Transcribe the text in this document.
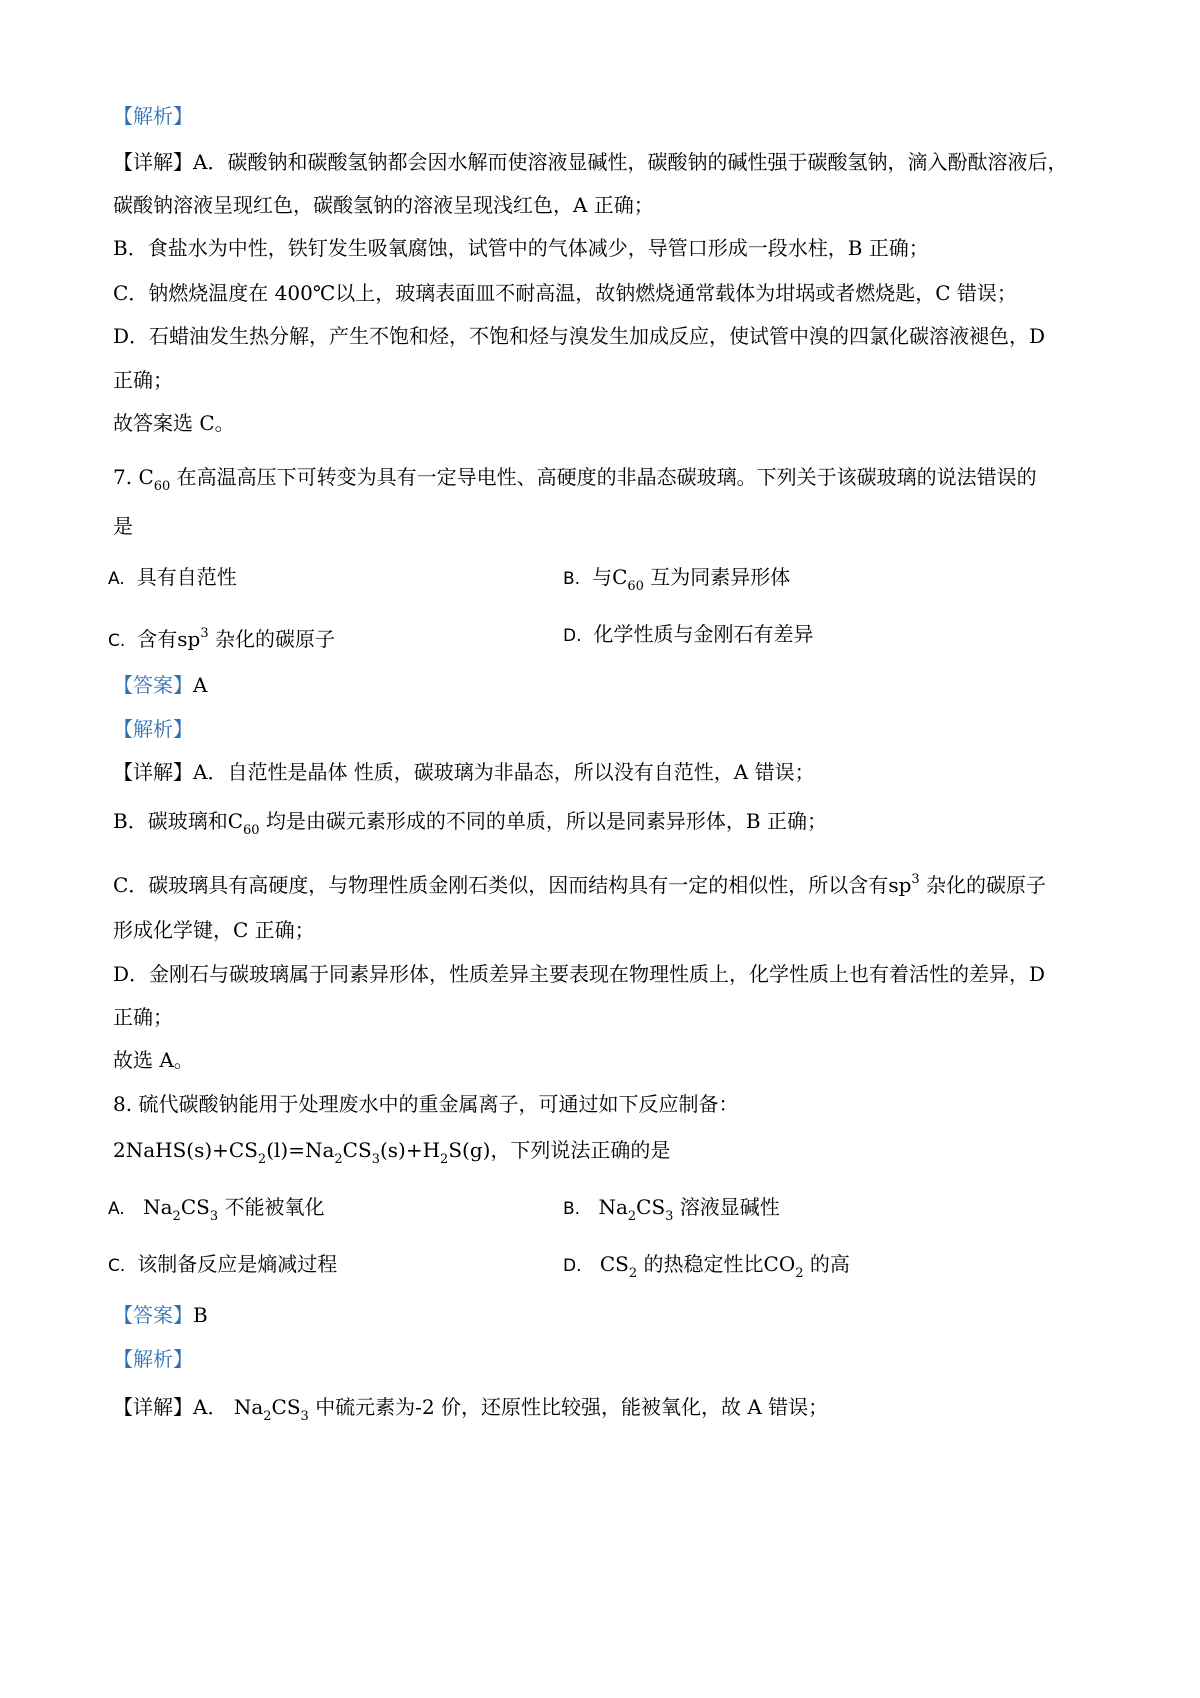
【解析】
【详解】A．碳酸钠和碳酸氢钠都会因水解而使溶液显碱性，碳酸钠的碱性强于碳酸氢钠，滴入酚酞溶液后，
碳酸钠溶液呈现红色，碳酸氢钠的溶液呈现浅红色，A 正确；
B．食盐水为中性，铁钉发生吸氧腐蚀，试管中的气体减少，导管口形成一段水柱，B 正确；
C．钠燃烧温度在 400℃以上，玻璃表面皿不耐高温，故钠燃烧通常载体为坩埚或者燃烧匙，C 错误；
D．石蜡油发生热分解，产生不饱和烃，不饱和烃与溴发生加成反应，使试管中溴的四氯化碳溶液褪色，D
正确；
故答案选 C。
7. $C_{60}$ 在高温高压下可转变为具有一定导电性、高硬度的非晶态碳玻璃。下列关于该碳玻璃的说法错误的
是
A. 具有自范性	B. 与$C_{60}$ 互为同素异形体
C. 含有$sp^3$ 杂化的碳原子	D. 化学性质与金刚石有差异
【答案】A
【解析】
【详解】A．自范性是晶体 性质，碳玻璃为非晶态，所以没有自范性，A 错误；
B．碳玻璃和$C_{60}$ 均是由碳元素形成的不同的单质，所以是同素异形体，B 正确；
C．碳玻璃具有高硬度，与物理性质金刚石类似，因而结构具有一定的相似性，所以含有$sp^3$ 杂化的碳原子
形成化学键，C 正确；
D．金刚石与碳玻璃属于同素异形体，性质差异主要表现在物理性质上，化学性质上也有着活性的差异，D
正确；
故选 A。
8. 硫代碳酸钠能用于处理废水中的重金属离子，可通过如下反应制备：
$2NaHS(s)+CS_2(l)=Na_2CS_3(s)+H_2S(g)$，下列说法正确的是
A. $Na_2CS_3$ 不能被氧化	B. $Na_2CS_3$ 溶液显碱性
C. 该制备反应是熵减过程	D. $CS_2$ 的热稳定性比$CO_2$ 的高
【答案】B
【解析】
【详解】A． $Na_2CS_3$ 中硫元素为-2 价，还原性比较强，能被氧化，故 A 错误；
